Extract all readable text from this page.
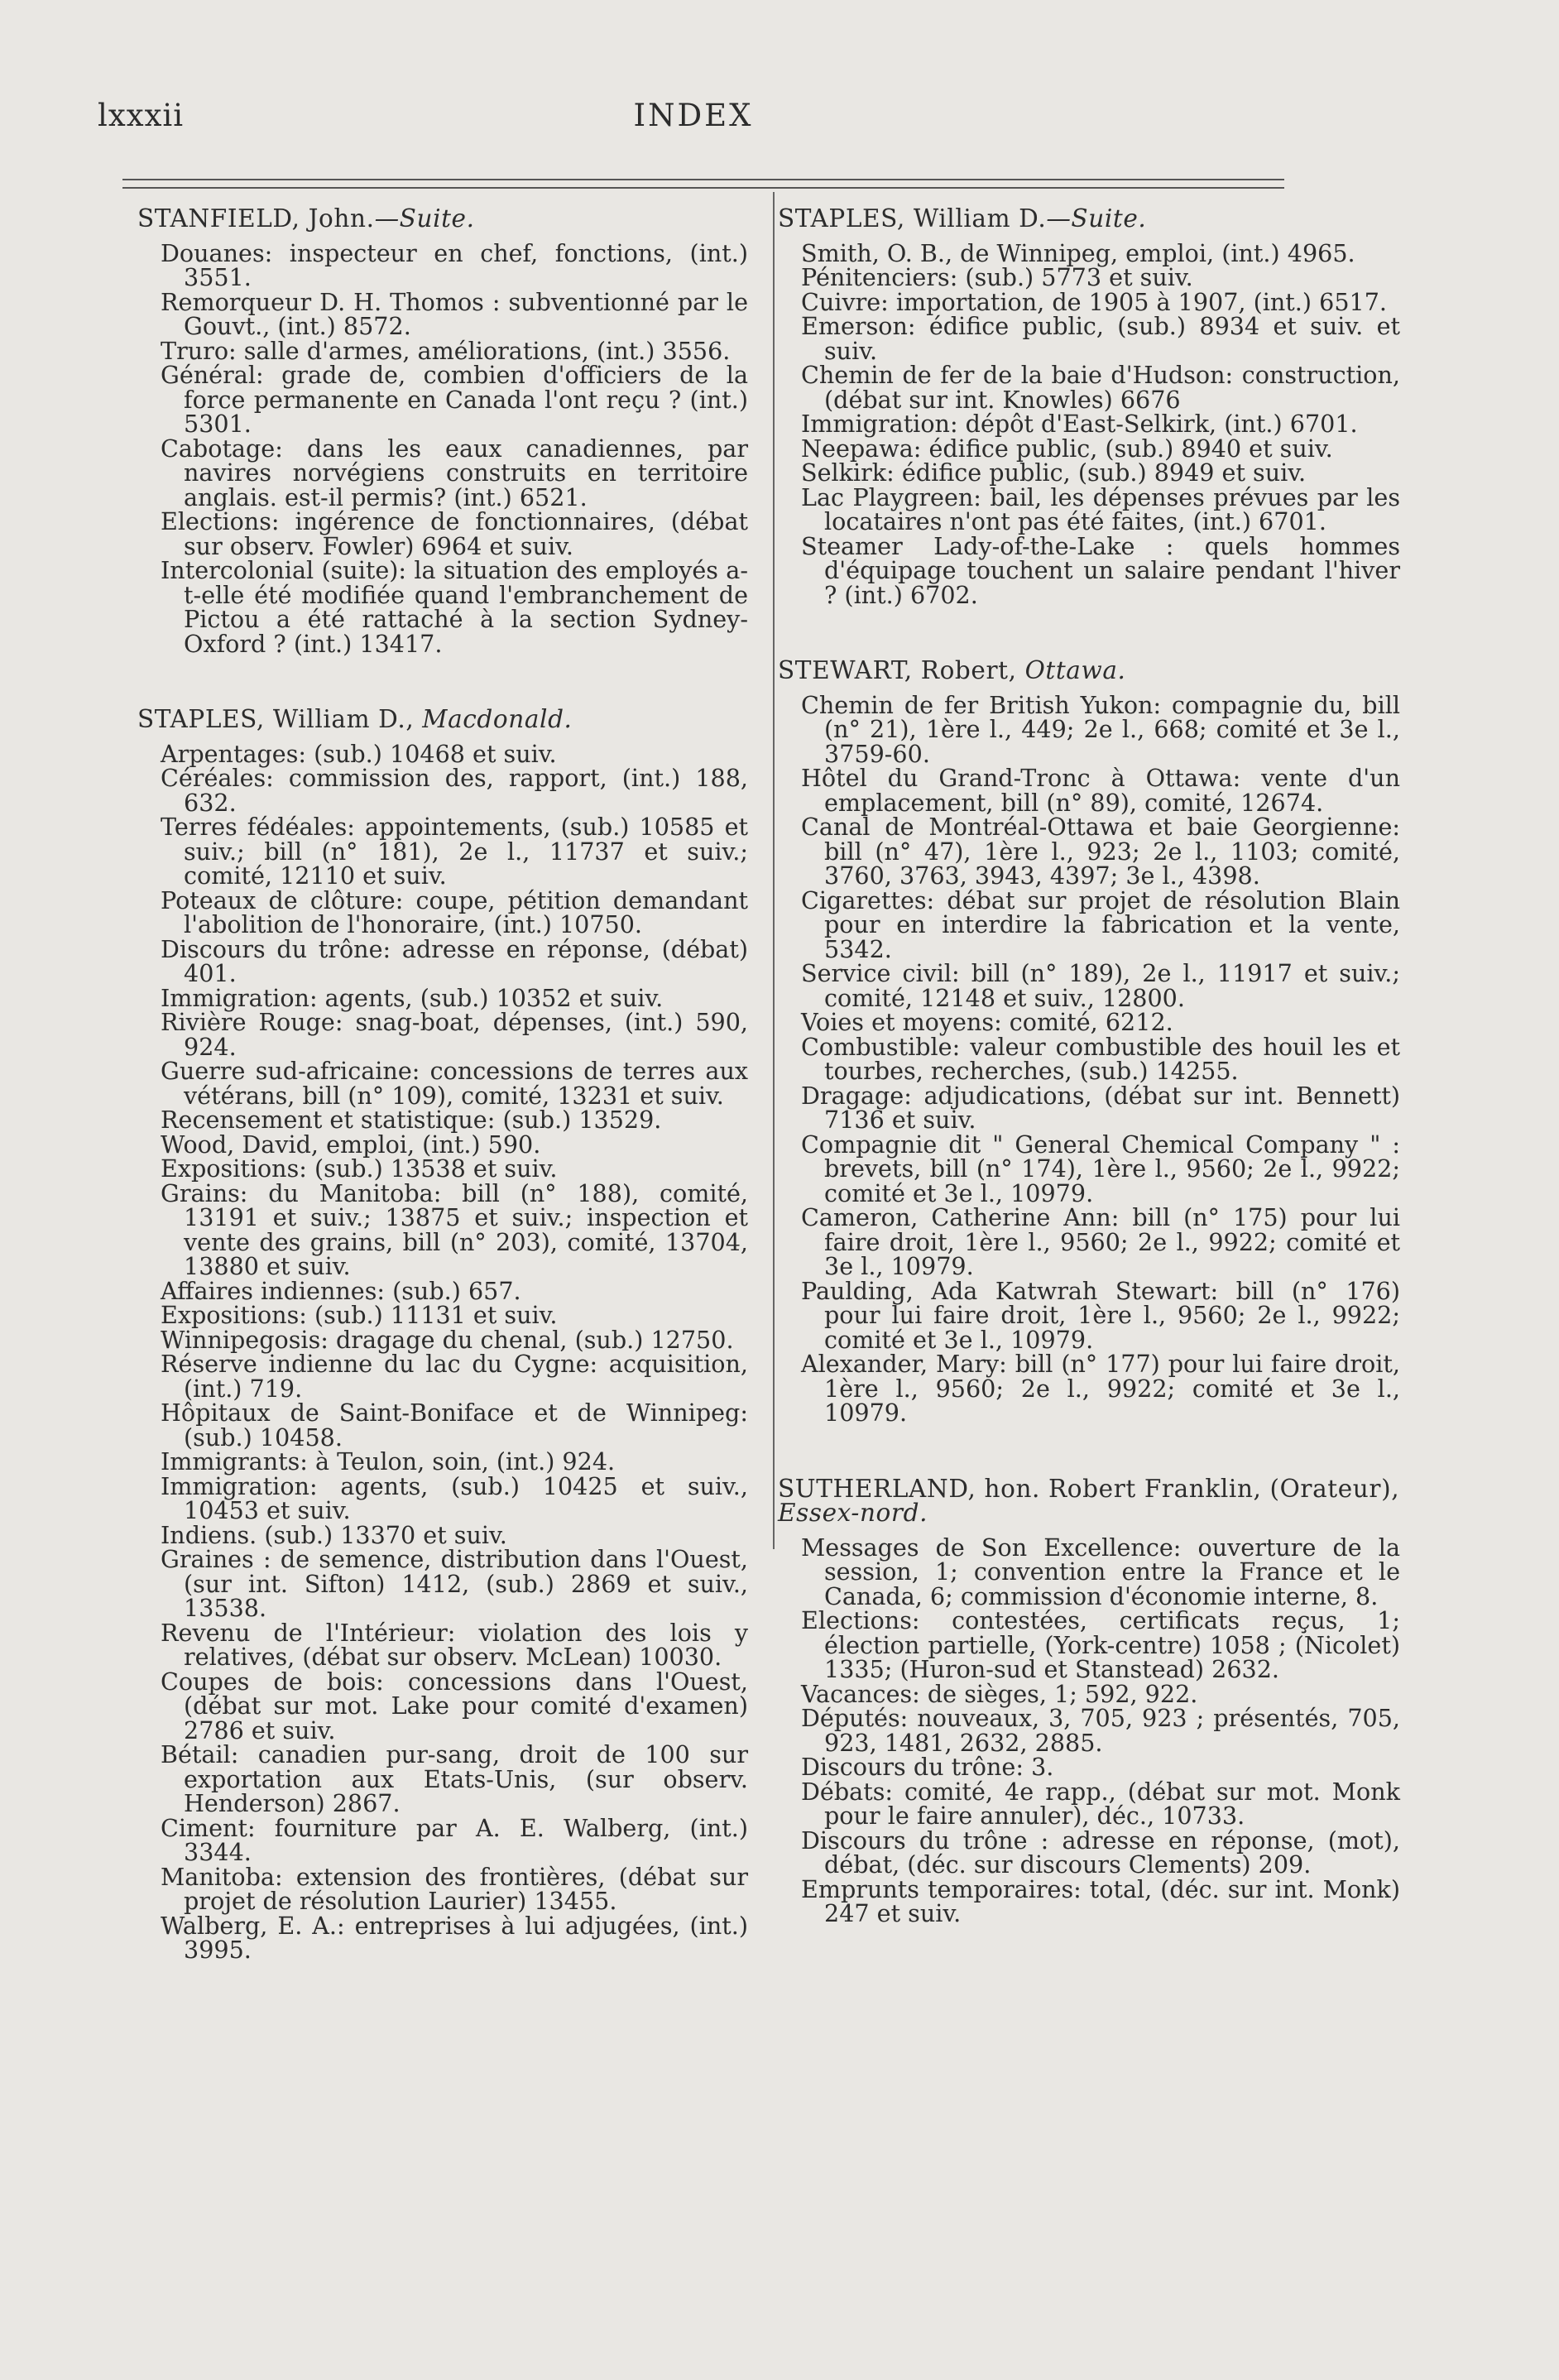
lxxxii	INDEX
STANFIELD, John.—Suite.
Douanes: inspecteur en chef, fonctions, (int.) 3551.
Remorqueur D. H. Thomos : subventionné par le Gouvt., (int.) 8572.
Truro: salle d'armes, améliorations, (int.) 3556.
Général: grade de, combien d'officiers de la force permanente en Canada l'ont reçu ? (int.) 5301.
Cabotage: dans les eaux canadiennes, par navires norvégiens construits en territoire anglais. est-il permis? (int.) 6521.
Elections: ingérence de fonctionnaires, (débat sur observ. Fowler) 6964 et suiv.
Intercolonial (suite): la situation des employés a-t-elle été modifiée quand l'embranchement de Pictou a été rattaché à la section Sydney-Oxford ? (int.) 13417.
STAPLES, William D., Macdonald.
Arpentages: (sub.) 10468 et suiv.
Céréales: commission des, rapport, (int.) 188, 632.
Terres fédéales: appointements, (sub.) 10585 et suiv.; bill (n° 181), 2e l., 11737 et suiv.; comité, 12110 et suiv.
Poteaux de clôture: coupe, pétition demandant l'abolition de l'honoraire, (int.) 10750.
Discours du trône: adresse en réponse, (débat) 401.
Immigration: agents, (sub.) 10352 et suiv.
Rivière Rouge: snag-boat, dépenses, (int.) 590, 924.
Guerre sud-africaine: concessions de terres aux vétérans, bill (n° 109), comité, 13231 et suiv.
Recensement et statistique: (sub.) 13529.
Wood, David, emploi, (int.) 590.
Expositions: (sub.) 13538 et suiv.
Grains: du Manitoba: bill (n° 188), comité, 13191 et suiv.; 13875 et suiv.; inspection et vente des grains, bill (n° 203), comité, 13704, 13880 et suiv.
Affaires indiennes: (sub.) 657.
Expositions: (sub.) 11131 et suiv.
Winnipegosis: dragage du chenal, (sub.) 12750.
Réserve indienne du lac du Cygne: acquisition, (int.) 719.
Hôpitaux de Saint-Boniface et de Winnipeg: (sub.) 10458.
Immigrants: à Teulon, soin, (int.) 924.
Immigration: agents, (sub.) 10425 et suiv., 10453 et suiv.
Indiens. (sub.) 13370 et suiv.
Graines : de semence, distribution dans l'Ouest, (sur int. Sifton) 1412, (sub.) 2869 et suiv., 13538.
Revenu de l'Intérieur: violation des lois y relatives, (débat sur observ. McLean) 10030.
Coupes de bois: concessions dans l'Ouest, (débat sur mot. Lake pour comité d'examen) 2786 et suiv.
Bétail: canadien pur-sang, droit de 100 sur exportation aux Etats-Unis, (sur observ. Henderson) 2867.
Ciment: fourniture par A. E. Walberg, (int.) 3344.
Manitoba: extension des frontières, (débat sur projet de résolution Laurier) 13455.
Walberg, E. A.: entreprises à lui adjugées, (int.) 3995.
STAPLES, William D.—Suite.
Smith, O. B., de Winnipeg, emploi, (int.) 4965.
Pénitenciers: (sub.) 5773 et suiv.
Cuivre: importation, de 1905 à 1907, (int.) 6517.
Emerson: édifice public, (sub.) 8934 et suiv. et suiv.
Chemin de fer de la baie d'Hudson: construction, (débat sur int. Knowles) 6676
Immigration: dépôt d'East-Selkirk, (int.) 6701.
Neepawa: édifice public, (sub.) 8940 et suiv.
Selkirk: édifice public, (sub.) 8949 et suiv.
Lac Playgreen: bail, les dépenses prévues par les locataires n'ont pas été faites, (int.) 6701.
Steamer Lady-of-the-Lake : quels hommes d'équipage touchent un salaire pendant l'hiver ? (int.) 6702.
STEWART, Robert, Ottawa.
Chemin de fer British Yukon: compagnie du, bill (n° 21), 1ère l., 449; 2e l., 668; comité et 3e l., 3759-60.
Hôtel du Grand-Tronc à Ottawa: vente d'un emplacement, bill (n° 89), comité, 12674.
Canal de Montréal-Ottawa et baie Georgienne: bill (n° 47), 1ère l., 923; 2e l., 1103; comité, 3760, 3763, 3943, 4397; 3e l., 4398.
Cigarettes: débat sur projet de résolution Blain pour en interdire la fabrication et la vente, 5342.
Service civil: bill (n° 189), 2e l., 11917 et suiv.; comité, 12148 et suiv., 12800.
Voies et moyens: comité, 6212.
Combustible: valeur combustible des houil les et tourbes, recherches, (sub.) 14255.
Dragage: adjudications, (débat sur int. Bennett) 7136 et suiv.
Compagnie dit " General Chemical Company " : brevets, bill (n° 174), 1ère l., 9560; 2e l., 9922; comité et 3e l., 10979.
Cameron, Catherine Ann: bill (n° 175) pour lui faire droit, 1ère l., 9560; 2e l., 9922; comité et 3e l., 10979.
Paulding, Ada Katwrah Stewart: bill (n° 176) pour lui faire droit, 1ère l., 9560; 2e l., 9922; comité et 3e l., 10979.
Alexander, Mary: bill (n° 177) pour lui faire droit, 1ère l., 9560; 2e l., 9922; comité et 3e l., 10979.
SUTHERLAND, hon. Robert Franklin, (Orateur), Essex-nord.
Messages de Son Excellence: ouverture de la session, 1; convention entre la France et le Canada, 6; commission d'économie interne, 8.
Elections: contestées, certificats reçus, 1; élection partielle, (York-centre) 1058 ; (Nicolet) 1335; (Huron-sud et Stanstead) 2632.
Vacances: de sièges, 1; 592, 922.
Députés: nouveaux, 3, 705, 923 ; présentés, 705, 923, 1481, 2632, 2885.
Discours du trône: 3.
Débats: comité, 4e rapp., (débat sur mot. Monk pour le faire annuler), déc., 10733.
Discours du trône : adresse en réponse, (mot), débat, (déc. sur discours Clements) 209.
Emprunts temporaires: total, (déc. sur int. Monk) 247 et suiv.
